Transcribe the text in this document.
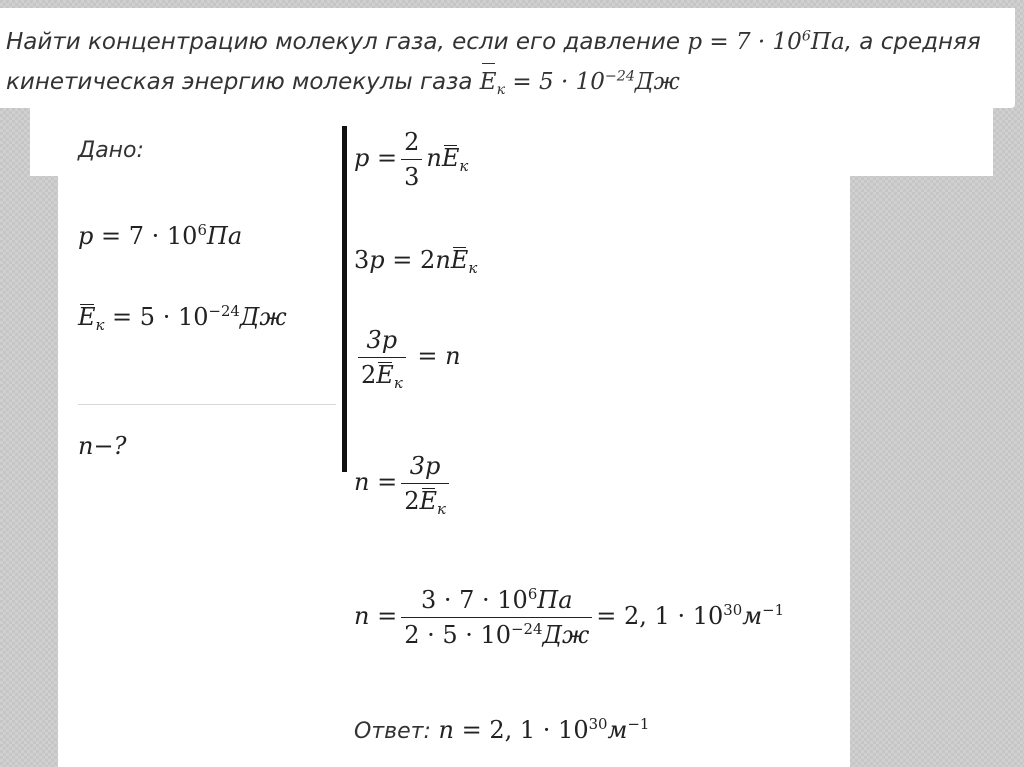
Найти концентрацию молекул газа, если его давление $p = 7 \cdot 10^6Па$, а средняя
кинетическая энергию молекулы газа $E_к = 5 \cdot 10^{-24}Дж$
Дано:
$p = 7 \cdot 10^6Па$
$E_к = 5 \cdot 10^{-24}Дж$
n−?
$p = \frac{2}{3} nE_к$
$3p = 2nE_к$
$\frac{3p}{2E_к} = n$
$n = \frac{3p}{2E_к}$
$n = \frac{3 \cdot 7 \cdot 10^6Па}{2 \cdot 5 \cdot 10^{-24}Дж} = 2$, $1 \cdot 10^{30}м^{-1}$
Ответ: n = 2, $1 \cdot 10^{30}м^{-1}$
